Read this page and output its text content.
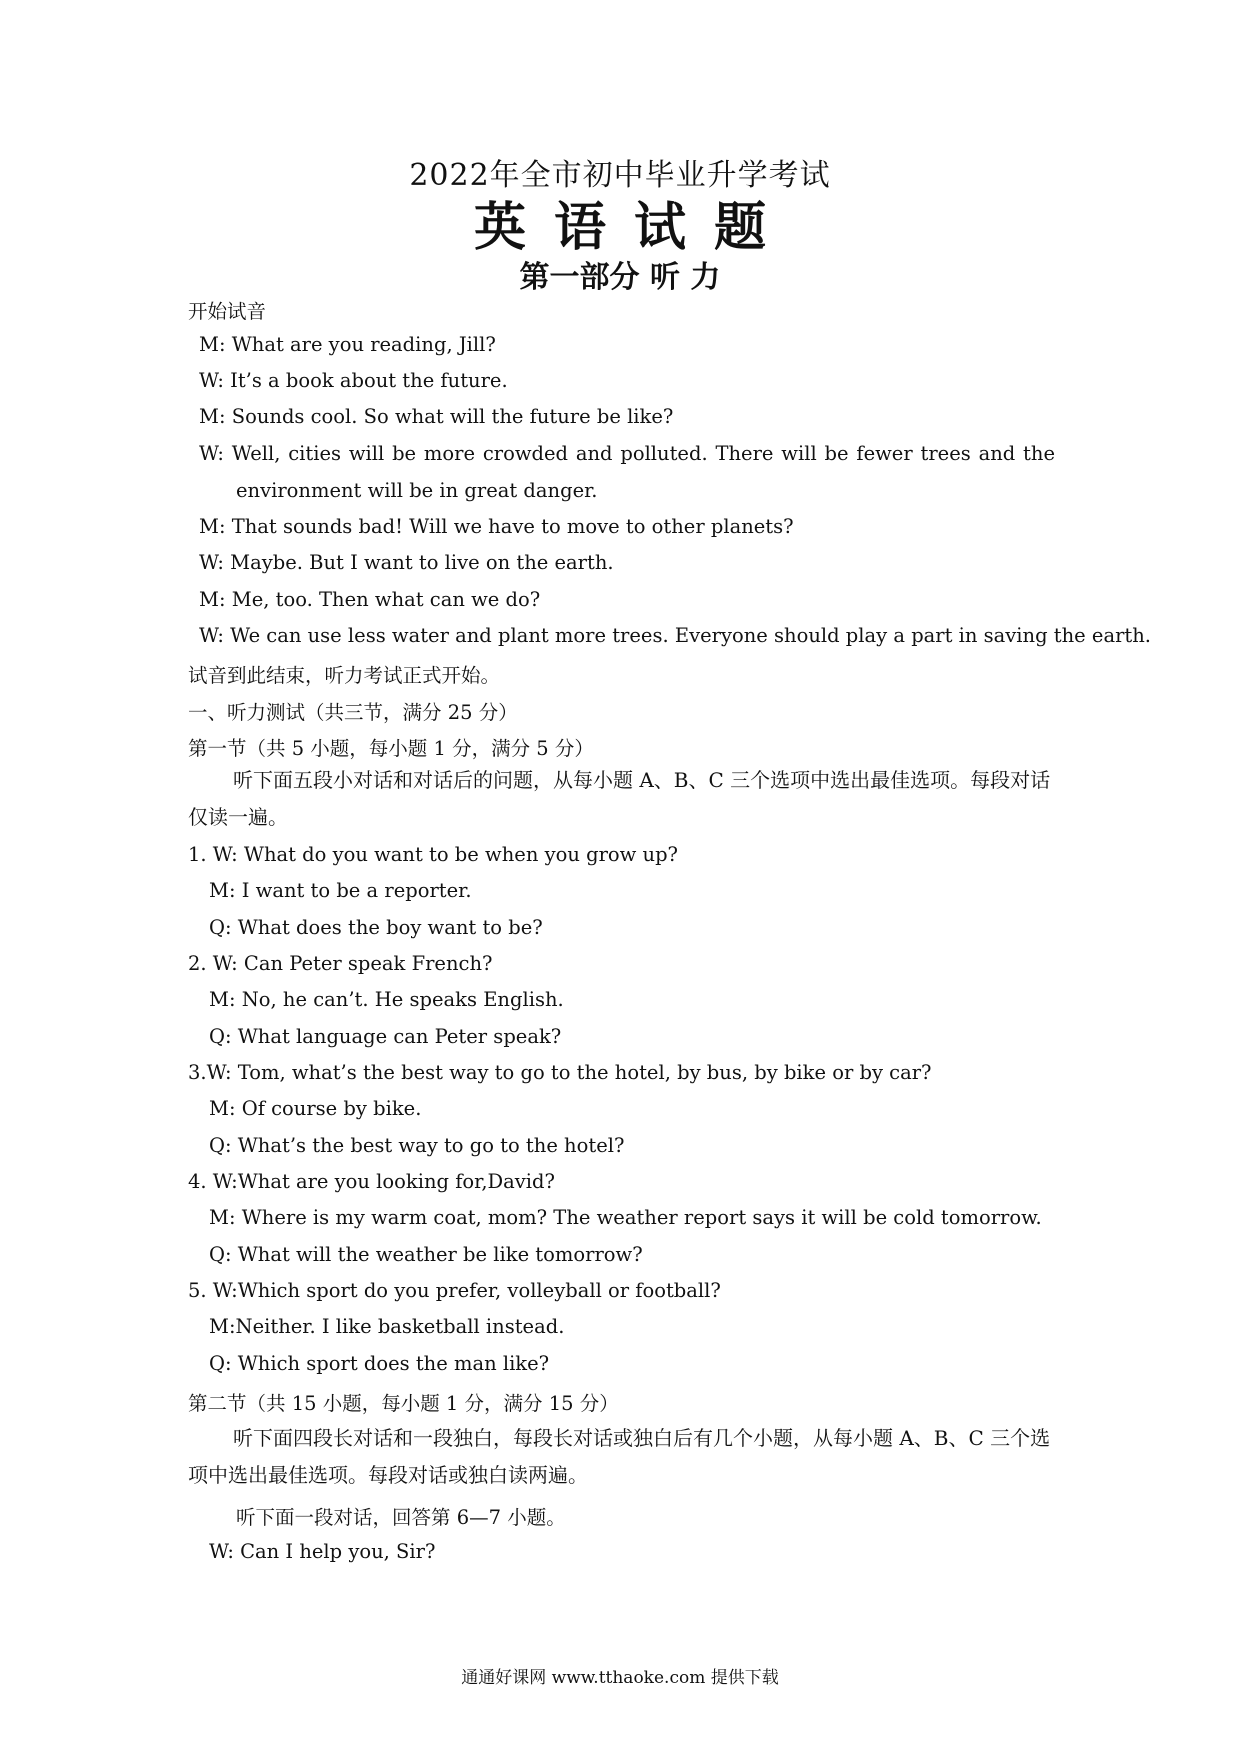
2022年全市初中毕业升学考试
英 语 试 题
第一部分 听 力
开始试音
M: What are you reading, Jill?
W: It’s a book about the future.
M: Sounds cool. So what will the future be like?
W: Well, cities will be more crowded and polluted. There will be fewer trees and the
environment will be in great danger.
M: That sounds bad! Will we have to move to other planets?
W: Maybe. But I want to live on the earth.
M: Me, too. Then what can we do?
W: We can use less water and plant more trees. Everyone should play a part in saving the earth.
试音到此结束，听力考试正式开始。
一、听力测试（共三节，满分 25 分）
第一节（共 5 小题，每小题 1 分，满分 5 分）
听下面五段小对话和对话后的问题，从每小题 A、B、C 三个选项中选出最佳选项。每段对话仅读一遍。
1. W: What do you want to be when you grow up?
M: I want to be a reporter.
Q: What does the boy want to be?
2. W: Can Peter speak French?
M: No, he can’t. He speaks English.
Q: What language can Peter speak?
3.W: Tom, what’s the best way to go to the hotel, by bus, by bike or by car?
M: Of course by bike.
Q: What’s the best way to go to the hotel?
4. W:What are you looking for,David?
M: Where is my warm coat, mom? The weather report says it will be cold tomorrow.
Q: What will the weather be like tomorrow?
5. W:Which sport do you prefer, volleyball or football?
M:Neither. I like basketball instead.
Q: Which sport does the man like?
第二节（共 15 小题，每小题 1 分，满分 15 分）
听下面四段长对话和一段独白，每段长对话或独白后有几个小题，从每小题 A、B、C 三个选项中选出最佳选项。每段对话或独白读两遍。
听下面一段对话，回答第 6—7 小题。
W: Can I help you, Sir?
通通好课网 www.tthaoke.com 提供下载
